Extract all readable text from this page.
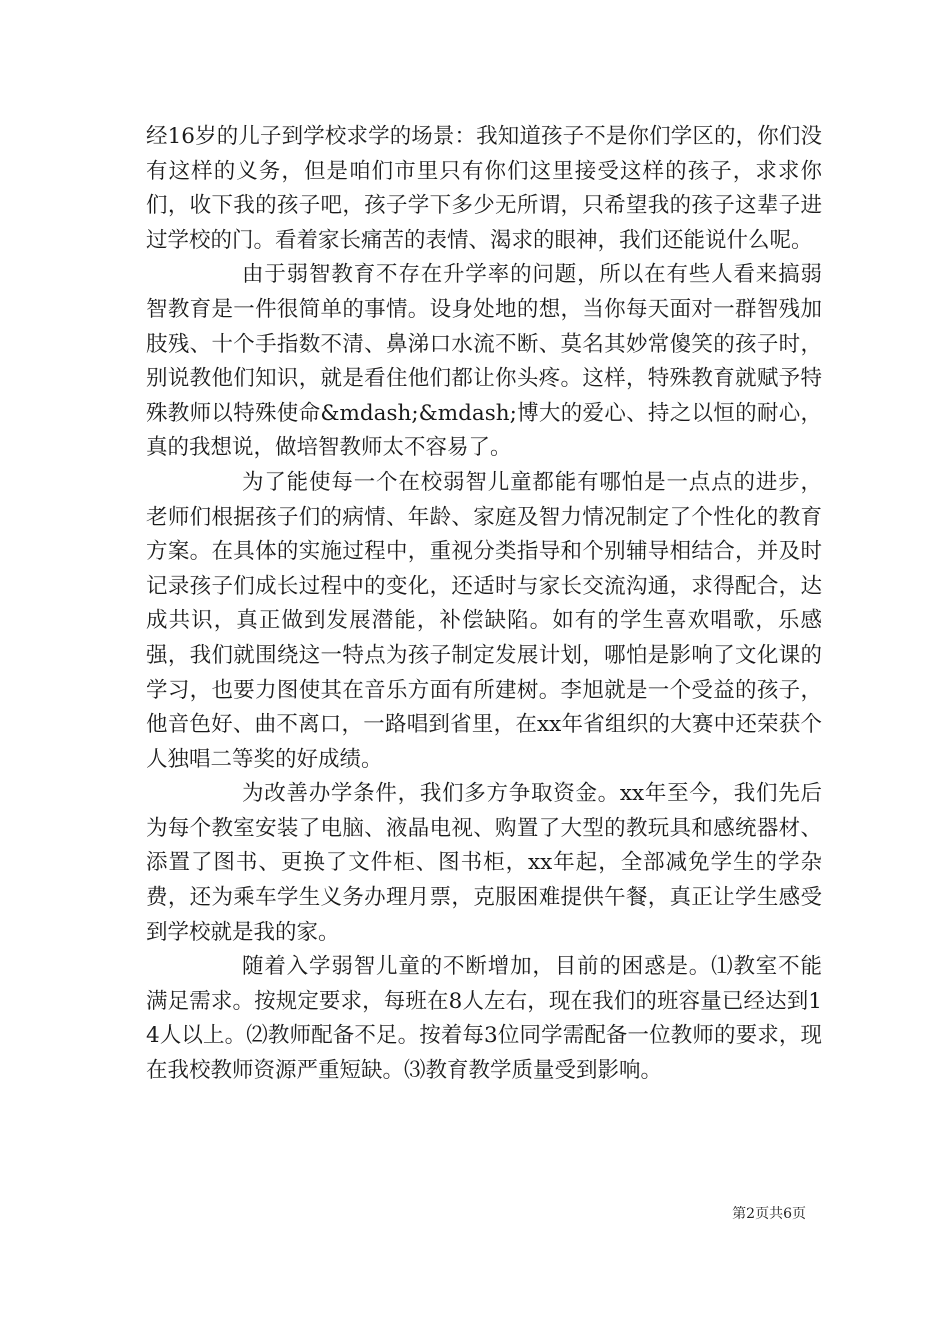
经16岁的儿子到学校求学的场景：我知道孩子不是你们学区的，你们没有这样的义务，但是咱们市里只有你们这里接受这样的孩子，求求你们，收下我的孩子吧，孩子学下多少无所谓，只希望我的孩子这辈子进过学校的门。看着家长痛苦的表情、渴求的眼神，我们还能说什么呢。

由于弱智教育不存在升学率的问题，所以在有些人看来搞弱智教育是一件很简单的事情。设身处地的想，当你每天面对一群智残加肢残、十个手指数不清、鼻涕口水流不断、莫名其妙常傻笑的孩子时，别说教他们知识，就是看住他们都让你头疼。这样，特殊教育就赋予特殊教师以特殊使命&mdash;&mdash;博大的爱心、持之以恒的耐心，真的我想说，做培智教师太不容易了。

为了能使每一个在校弱智儿童都能有哪怕是一点点的进步，老师们根据孩子们的病情、年龄、家庭及智力情况制定了个性化的教育方案。在具体的实施过程中，重视分类指导和个别辅导相结合，并及时记录孩子们成长过程中的变化，还适时与家长交流沟通，求得配合，达成共识，真正做到发展潜能，补偿缺陷。如有的学生喜欢唱歌，乐感强，我们就围绕这一特点为孩子制定发展计划，哪怕是影响了文化课的学习，也要力图使其在音乐方面有所建树。李旭就是一个受益的孩子，他音色好、曲不离口，一路唱到省里，在xx年省组织的大赛中还荣获个人独唱二等奖的好成绩。

为改善办学条件，我们多方争取资金。xx年至今，我们先后为每个教室安装了电脑、液晶电视、购置了大型的教玩具和感统器材、添置了图书、更换了文件柜、图书柜，xx年起，全部减免学生的学杂费，还为乘车学生义务办理月票，克服困难提供午餐，真正让学生感受到学校就是我的家。

随着入学弱智儿童的不断增加，目前的困惑是。⑴教室不能满足需求。按规定要求，每班在8人左右，现在我们的班容量已经达到14人以上。⑵教师配备不足。按着每3位同学需配备一位教师的要求，现在我校教师资源严重短缺。⑶教育教学质量受到影响。

第2页共6页
